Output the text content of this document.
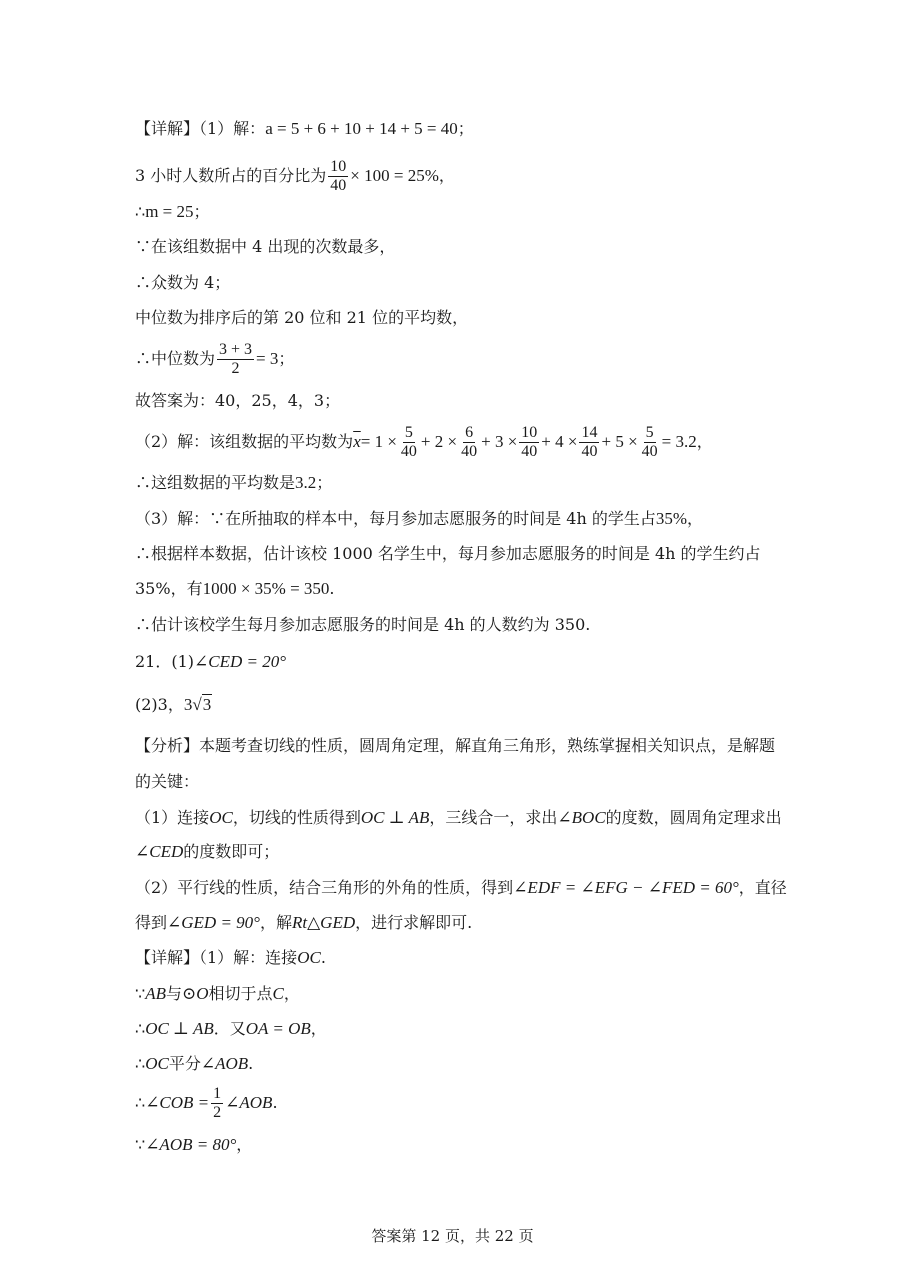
【详解】（1）解：a = 5 + 6 + 10 + 14 + 5 = 40；
3 小时人数所占的百分比为 $\frac{10}{40} \times 100 = 25\%$，
∴m = 25；
∵在该组数据中 4 出现的次数最多，
∴众数为 4；
中位数为排序后的第 20 位和 21 位的平均数，
∴中位数为 $\frac{3 + 3}{2} = 3$；
故答案为：40，25，4，3；
（2）解：该组数据的平均数为$\overline{x}= 1 \times \frac{5}{40} + 2 \times \frac{6}{40} + 3 \times \frac{10}{40} + 4 \times \frac{14}{40} + 5 \times \frac{5}{40} = 3.2$，
∴这组数据的平均数是3.2；
（3）解：∵在所抽取的样本中，每月参加志愿服务的时间是 4h 的学生占35%，
∴根据样本数据，估计该校 1000 名学生中，每月参加志愿服务的时间是 4h 的学生约占
35%，有1000 × 35% = 350.
∴估计该校学生每月参加志愿服务的时间是 4h 的人数约为 350.
21．(1)∠CED = 20°
(2)3，3√3
【分析】本题考查切线的性质，圆周角定理，解直角三角形，熟练掌握相关知识点，是解题
的关键：
（1）连接OC，切线的性质得到OC ⊥ AB，三线合一，求出∠BOC的度数，圆周角定理求出
∠CED的度数即可；
（2）平行线的性质，结合三角形的外角的性质，得到∠EDF = ∠EFG − ∠FED = 60°，直径
得到∠GED = 90°，解Rt△GED，进行求解即可.
【详解】（1）解：连接OC.
∵AB与⊙O相切于点C，
∴OC ⊥ AB．又OA = OB，
∴OC平分∠AOB.
∴∠COB = $\frac{1}{2}$ ∠AOB.
∵∠AOB = 80°，
答案第 12 页，共 22 页
